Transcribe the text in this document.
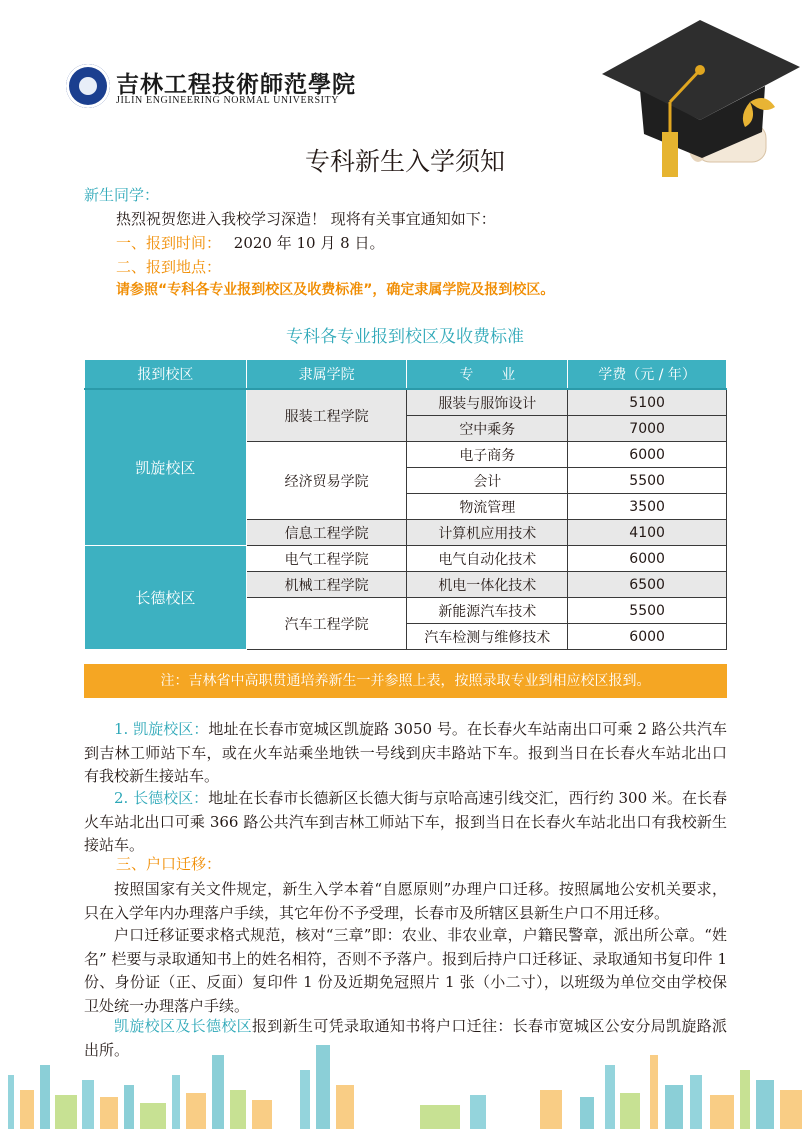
吉林工程技術師范學院
JILIN ENGINEERING NORMAL UNIVERSITY
专科新生入学须知
新生同学：
热烈祝贺您进入我校学习深造！ 现将有关事宜通知如下：
一、报到时间： 2020 年 10 月 8 日。
二、报到地点：
请参照“专科各专业报到校区及收费标准”，确定隶属学院及报到校区。
专科各专业报到校区及收费标准
报到校区	隶属学院	专　　业	学费（元 / 年）
凯旋校区	服装工程学院	服装与服饰设计	5100
		空中乘务	7000
	经济贸易学院	电子商务	6000
		会计	5500
		物流管理	3500
	信息工程学院	计算机应用技术	4100
长德校区	电气工程学院	电气自动化技术	6000
	机械工程学院	机电一体化技术	6500
	汽车工程学院	新能源汽车技术	5500
		汽车检测与维修技术	6000
注：吉林省中高职贯通培养新生一并参照上表，按照录取专业到相应校区报到。
1. 凯旋校区：地址在长春市宽城区凯旋路 3050 号。在长春火车站南出口可乘 2 路公共汽车到吉林工师站下车，或在火车站乘坐地铁一号线到庆丰路站下车。报到当日在长春火车站北出口有我校新生接站车。
2. 长德校区：地址在长春市长德新区长德大街与京哈高速引线交汇，西行约 300 米。在长春火车站北出口可乘 366 路公共汽车到吉林工师站下车，报到当日在长春火车站北出口有我校新生接站车。
三、户口迁移：
按照国家有关文件规定，新生入学本着“自愿原则”办理户口迁移。按照属地公安机关要求，只在入学年内办理落户手续，其它年份不予受理，长春市及所辖区县新生户口不用迁移。
户口迁移证要求格式规范，核对“三章”即：农业、非农业章，户籍民警章，派出所公章。“姓名” 栏要与录取通知书上的姓名相符，否则不予落户。报到后持户口迁移证、录取通知书复印件 1 份、身份证（正、反面）复印件 1 份及近期免冠照片 1 张（小二寸），以班级为单位交由学校保卫处统一办理落户手续。
凯旋校区及长德校区报到新生可凭录取通知书将户口迁往：长春市宽城区公安分局凯旋路派出所。
